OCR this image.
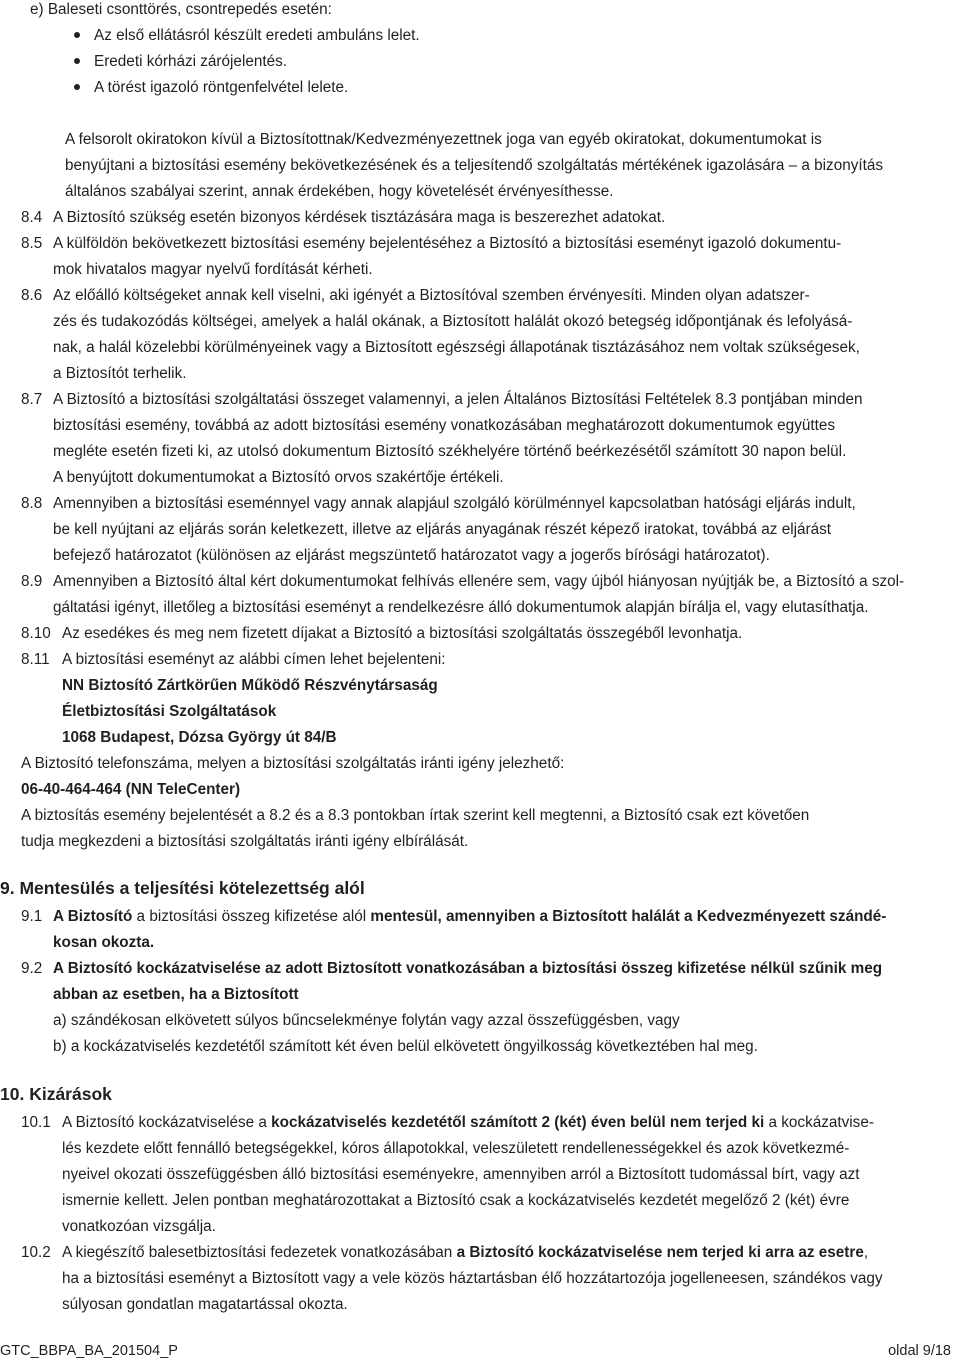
e) Baleseti csonttörés, csontrepedés esetén:
Az első ellátásról készült eredeti ambuláns lelet.
Eredeti kórházi zárójelentés.
A törést igazoló röntgenfelvétel lelete.
A felsorolt okiratokon kívül a Biztosítottnak/Kedvezményezettnek joga van egyéb okiratokat, dokumentumokat is
benyújtani a biztosítási esemény bekövetkezésének és a teljesítendő szolgáltatás mértékének igazolására – a bizonyítás
általános szabályai szerint, annak érdekében, hogy követelését érvényesíthesse.
8.4 A Biztosító szükség esetén bizonyos kérdések tisztázására maga is beszerezhet adatokat.
8.5 A külföldön bekövetkezett biztosítási esemény bejelentéséhez a Biztosító a biztosítási eseményt igazoló dokumentu-
mok hivatalos magyar nyelvű fordítását kérheti.
8.6 Az előálló költségeket annak kell viselni, aki igényét a Biztosítóval szemben érvényesíti. Minden olyan adatszer-
zés és tudakozódás költségei, amelyek a halál okának, a Biztosított halálát okozó betegség időpontjának és lefolyásá-
nak, a halál közelebbi körülményeinek vagy a Biztosított egészségi állapotának tisztázásához nem voltak szükségesek,
a Biztosítót terhelik.
8.7 A Biztosító a biztosítási szolgáltatási összeget valamennyi, a jelen Általános Biztosítási Feltételek 8.3 pontjában minden
biztosítási esemény, továbbá az adott biztosítási esemény vonatkozásában meghatározott dokumentumok együttes
megléte esetén fizeti ki, az utolsó dokumentum Biztosító székhelyére történő beérkezésétől számított 30 napon belül.
A benyújtott dokumentumokat a Biztosító orvos szakértője értékeli.
8.8 Amennyiben a biztosítási eseménnyel vagy annak alapjául szolgáló körülménnyel kapcsolatban hatósági eljárás indult,
be kell nyújtani az eljárás során keletkezett, illetve az eljárás anyagának részét képező iratokat, továbbá az eljárást
befejező határozatot (különösen az eljárást megszüntető határozatot vagy a jogerős bírósági határozatot).
8.9 Amennyiben a Biztosító által kért dokumentumokat felhívás ellenére sem, vagy újból hiányosan nyújtják be, a Biztosító a szol-
gáltatási igényt, illetőleg a biztosítási eseményt a rendelkezésre álló dokumentumok alapján bírálja el, vagy elutasíthatja.
8.10 Az esedékes és meg nem fizetett díjakat a Biztosító a biztosítási szolgáltatás összegéből levonhatja.
8.11 A biztosítási eseményt az alábbi címen lehet bejelenteni:
NN Biztosító Zártkörűen Működő Részvénytársaság
Életbiztosítási Szolgáltatások
1068 Budapest, Dózsa György út 84/B
A Biztosító telefonszáma, melyen a biztosítási szolgáltatás iránti igény jelezhető:
06-40-464-464 (NN TeleCenter)
A biztosítás esemény bejelentését a 8.2 és a 8.3 pontokban írtak szerint kell megtenni, a Biztosító csak ezt követően
tudja megkezdeni a biztosítási szolgáltatás iránti igény elbírálását.
9. Mentesülés a teljesítési kötelezettség alól
9.1 A Biztosító a biztosítási összeg kifizetése alól mentesül, amennyiben a Biztosított halálát a Kedvezményezett szándé-
kosan okozta.
9.2 A Biztosító kockázatviselése az adott Biztosított vonatkozásában a biztosítási összeg kifizetése nélkül szűnik meg
abban az esetben, ha a Biztosított
a) szándékosan elkövetett súlyos bűncselekménye folytán vagy azzal összefüggésben, vagy
b) a kockázatviselés kezdetétől számított két éven belül elkövetett öngyilkosság következtében hal meg.
10. Kizárások
10.1 A Biztosító kockázatviselése a kockázatviselés kezdetétől számított 2 (két) éven belül nem terjed ki a kockázatvise-
lés kezdete előtt fennálló betegségekkel, kóros állapotokkal, veleszületett rendellenességekkel és azok következmé-
nyeivel okozati összefüggésben álló biztosítási eseményekre, amennyiben arról a Biztosított tudomással bírt, vagy azt
ismernie kellett. Jelen pontban meghatározottakat a Biztosító csak a kockázatviselés kezdetét megelőző 2 (két) évre
vonatkozóan vizsgálja.
10.2 A kiegészítő balesetbiztosítási fedezetek vonatkozásában a Biztosító kockázatviselése nem terjed ki arra az esetre,
ha a biztosítási eseményt a Biztosított vagy a vele közös háztartásban élő hozzátartozója jogelleneesen, szándékos vagy
súlyosan gondatlan magatartással okozta.
GTC_BBPA_BA_201504_P	oldal 9/18
